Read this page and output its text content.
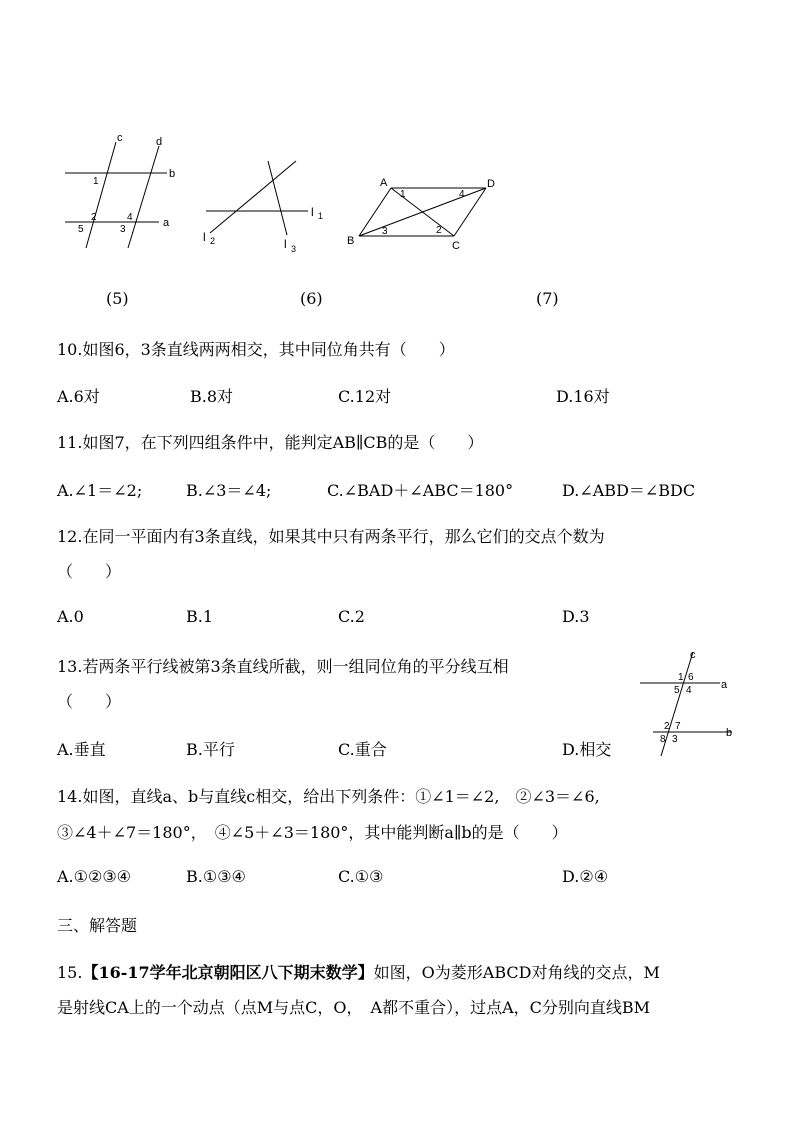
c	d
b
a
1
2
3
4
5
(5)
l 1
l 2	l 3
(6)
A	D
B	C
1
2
3
4
(7)
10.如图6，3条直线两两相交，其中同位角共有（　　）
A.6对	B.8对	C.12对	D.16对
11.如图7，在下列四组条件中，能判定AB∥CB的是（　　）
A.∠1＝∠2;	B.∠3＝∠4;	C.∠BAD＋∠ABC＝180°	D.∠ABD＝∠BDC
12.在同一平面内有3条直线，如果其中只有两条平行，那么它们的交点个数为
（　　）
A.0	B.1	C.2	D.3
13.若两条平行线被第3条直线所截，则一组同位角的平分线互相
（　　）
A.垂直	B.平行	C.重合	D.相交
c
a
b
1 6
5 4
2 7
8 3
14.如图，直线a、b与直线c相交，给出下列条件：①∠1＝∠2,　②∠3＝∠6,
③∠4＋∠7＝180°，　④∠5＋∠3＝180°，其中能判断a∥b的是（　　）
A.①②③④	B.①③④	C.①③	D.②④
三、解答题
15.【16-17学年北京朝阳区八下期末数学】如图，O为菱形ABCD对角线的交点，M
是射线CA上的一个动点（点M与点C，O，　A都不重合），过点A，C分别向直线BM
